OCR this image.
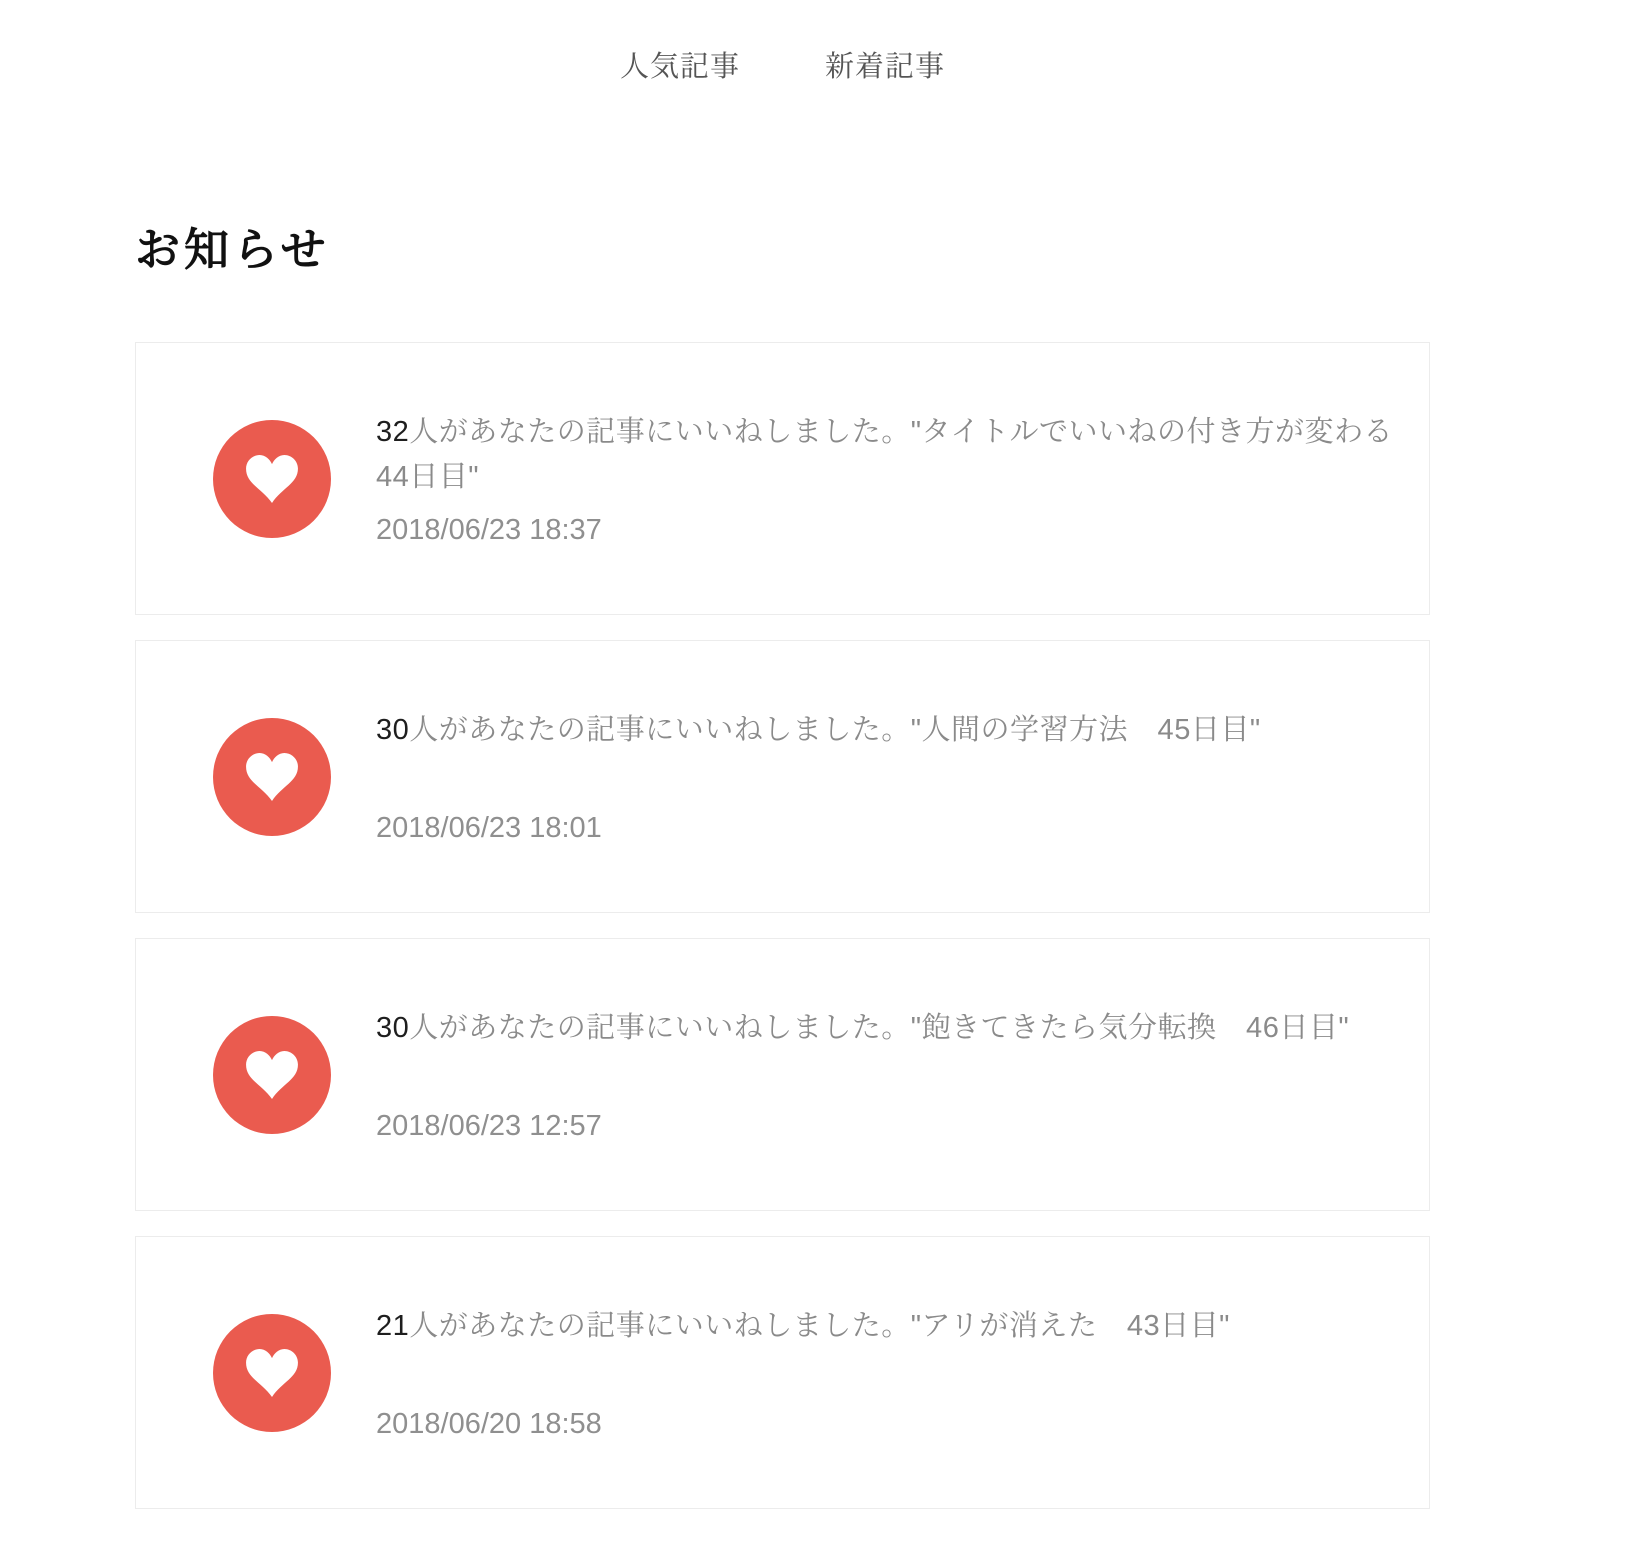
人気記事	新着記事
お知らせ
32人があなたの記事にいいねしました。"タイトルでいいねの付き方が変わる　44日目"
2018/06/23 18:37
30人があなたの記事にいいねしました。"人間の学習方法　45日目"
2018/06/23 18:01
30人があなたの記事にいいねしました。"飽きてきたら気分転換　46日目"
2018/06/23 12:57
21人があなたの記事にいいねしました。"アリが消えた　43日目"
2018/06/20 18:58
